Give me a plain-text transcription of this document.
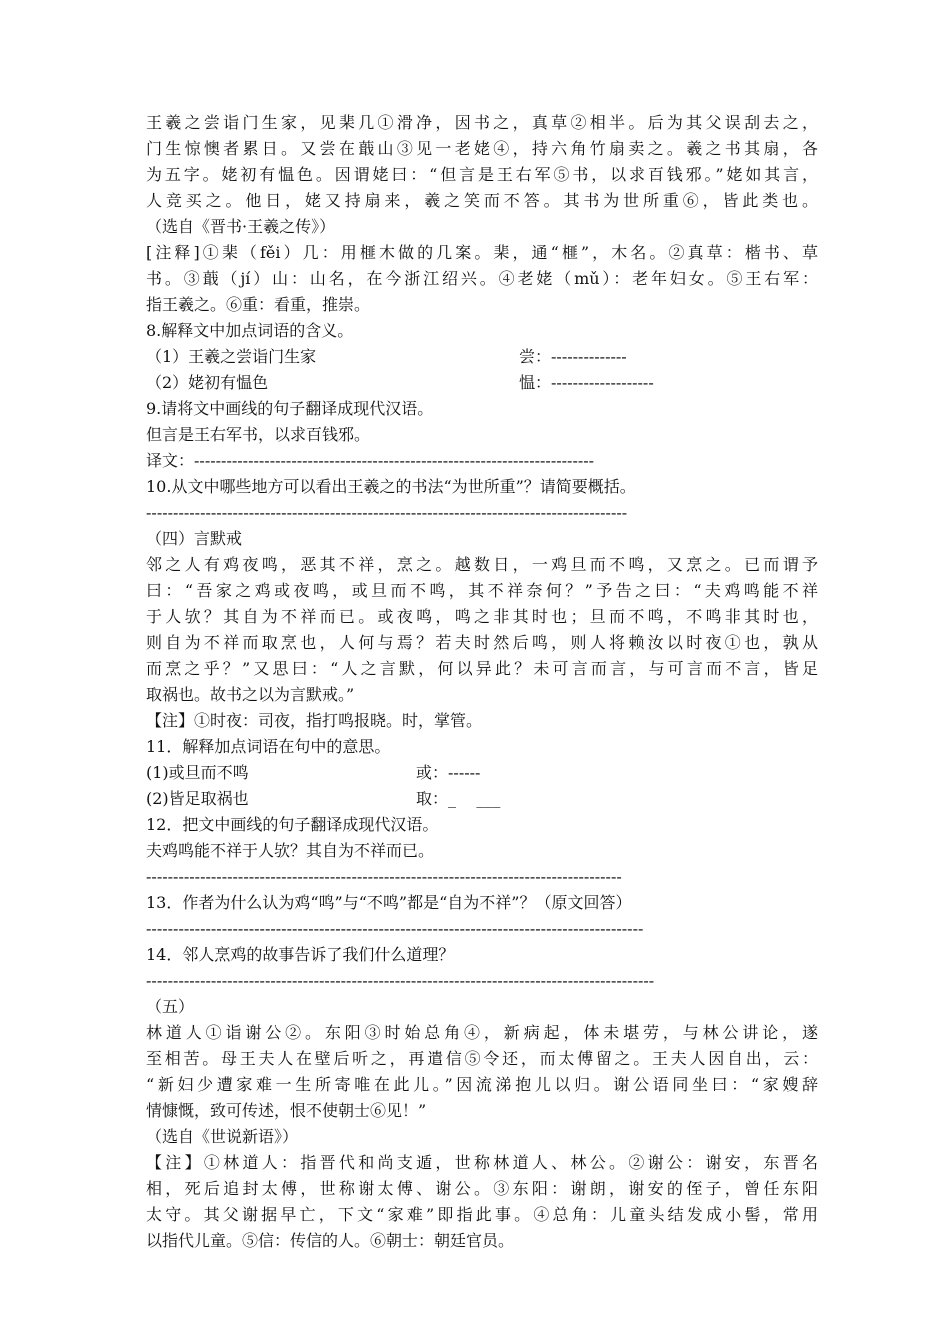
王羲之尝诣门生家，见棐几①滑净，因书之，真草②相半。后为其父误刮去之，
门生惊懊者累日。又尝在蕺山③见一老姥④，持六角竹扇卖之。羲之书其扇，各
为五字。姥初有愠色。因谓姥曰：“但言是王右军⑤书，以求百钱邪。”姥如其言，
人竞买之。他日，姥又持扇来，羲之笑而不答。其书为世所重⑥，皆此类也。
（选自《晋书·王羲之传》）
[注释]①棐（fěi）几：用榧木做的几案。棐，通“榧”，木名。②真草：楷书、草
书。③蕺（jí）山：山名，在今浙江绍兴。④老姥（mǔ）：老年妇女。⑤王右军：
指王羲之。⑥重：看重，推崇。
8.解释文中加点词语的含义。
（1）王羲之尝诣门生家	尝：--------------
（2）姥初有愠色	愠：-------------------
9.请将文中画线的句子翻译成现代汉语。
但言是王右军书，以求百钱邪。
译文：--------------------------------------------------------------------------
10.从文中哪些地方可以看出王羲之的书法“为世所重”？请简要概括。
-----------------------------------------------------------------------------------------
（四）言默戒
邻之人有鸡夜鸣，恶其不祥，烹之。越数日，一鸡旦而不鸣，又烹之。已而谓予
曰：“吾家之鸡或夜鸣，或旦而不鸣，其不祥奈何？”予告之曰：“夫鸡鸣能不祥
于人欤？其自为不祥而已。或夜鸣，鸣之非其时也；旦而不鸣，不鸣非其时也，
则自为不祥而取烹也，人何与焉？若夫时然后鸣，则人将赖汝以时夜①也，孰从
而烹之乎？”又思曰：“人之言默，何以异此？未可言而言，与可言而不言，皆足
取祸也。故书之以为言默戒。”
【注】①时夜：司夜，指打鸣报晓。时，掌管。
11．解释加点词语在句中的意思。
(1)或旦而不鸣	或：------
(2)皆足取祸也	取：_    ___
12．把文中画线的句子翻译成现代汉语。
夫鸡鸣能不祥于人欤？其自为不祥而已。
----------------------------------------------------------------------------------------
13．作者为什么认为鸡“鸣”与“不鸣”都是“自为不祥”？（原文回答）
--------------------------------------------------------------------------------------------
14．邻人烹鸡的故事告诉了我们什么道理？
----------------------------------------------------------------------------------------------
（五）
林道人①诣谢公②。东阳③时始总角④，新病起，体未堪劳，与林公讲论，遂
至相苦。母王夫人在壁后听之，再遣信⑤令还，而太傅留之。王夫人因自出，云：
“新妇少遭家难一生所寄唯在此儿。”因流涕抱儿以归。谢公语同坐曰：“家嫂辞
情慷慨，致可传述，恨不使朝士⑥见！”
（选自《世说新语》）
【注】①林道人：指晋代和尚支遁，世称林道人、林公。②谢公：谢安，东晋名
相，死后追封太傅，世称谢太傅、谢公。③东阳：谢朗，谢安的侄子，曾任东阳
太守。其父谢据早亡，下文“家难”即指此事。④总角：儿童头结发成小髻，常用
以指代儿童。⑤信：传信的人。⑥朝士：朝廷官员。
